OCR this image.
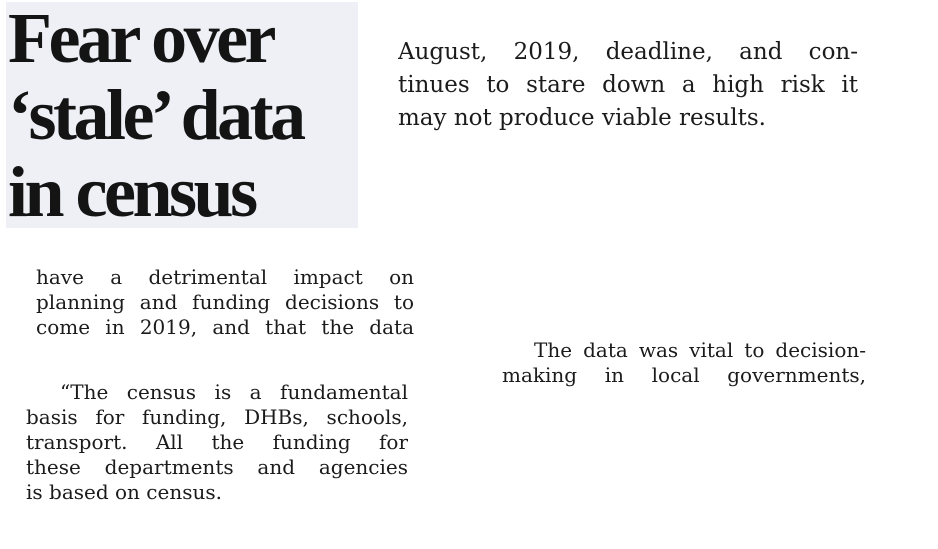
Fear over
‘stale’ data
in census
August, 2019, deadline, and con-
tinues to stare down a high risk it
may not produce viable results.
have a detrimental impact on
planning and funding decisions to
come in 2019, and that the data
“The census is a fundamental
basis for funding, DHBs, schools,
transport. All the funding for
these departments and agencies
is based on census.
The data was vital to decision-
making in local governments,
